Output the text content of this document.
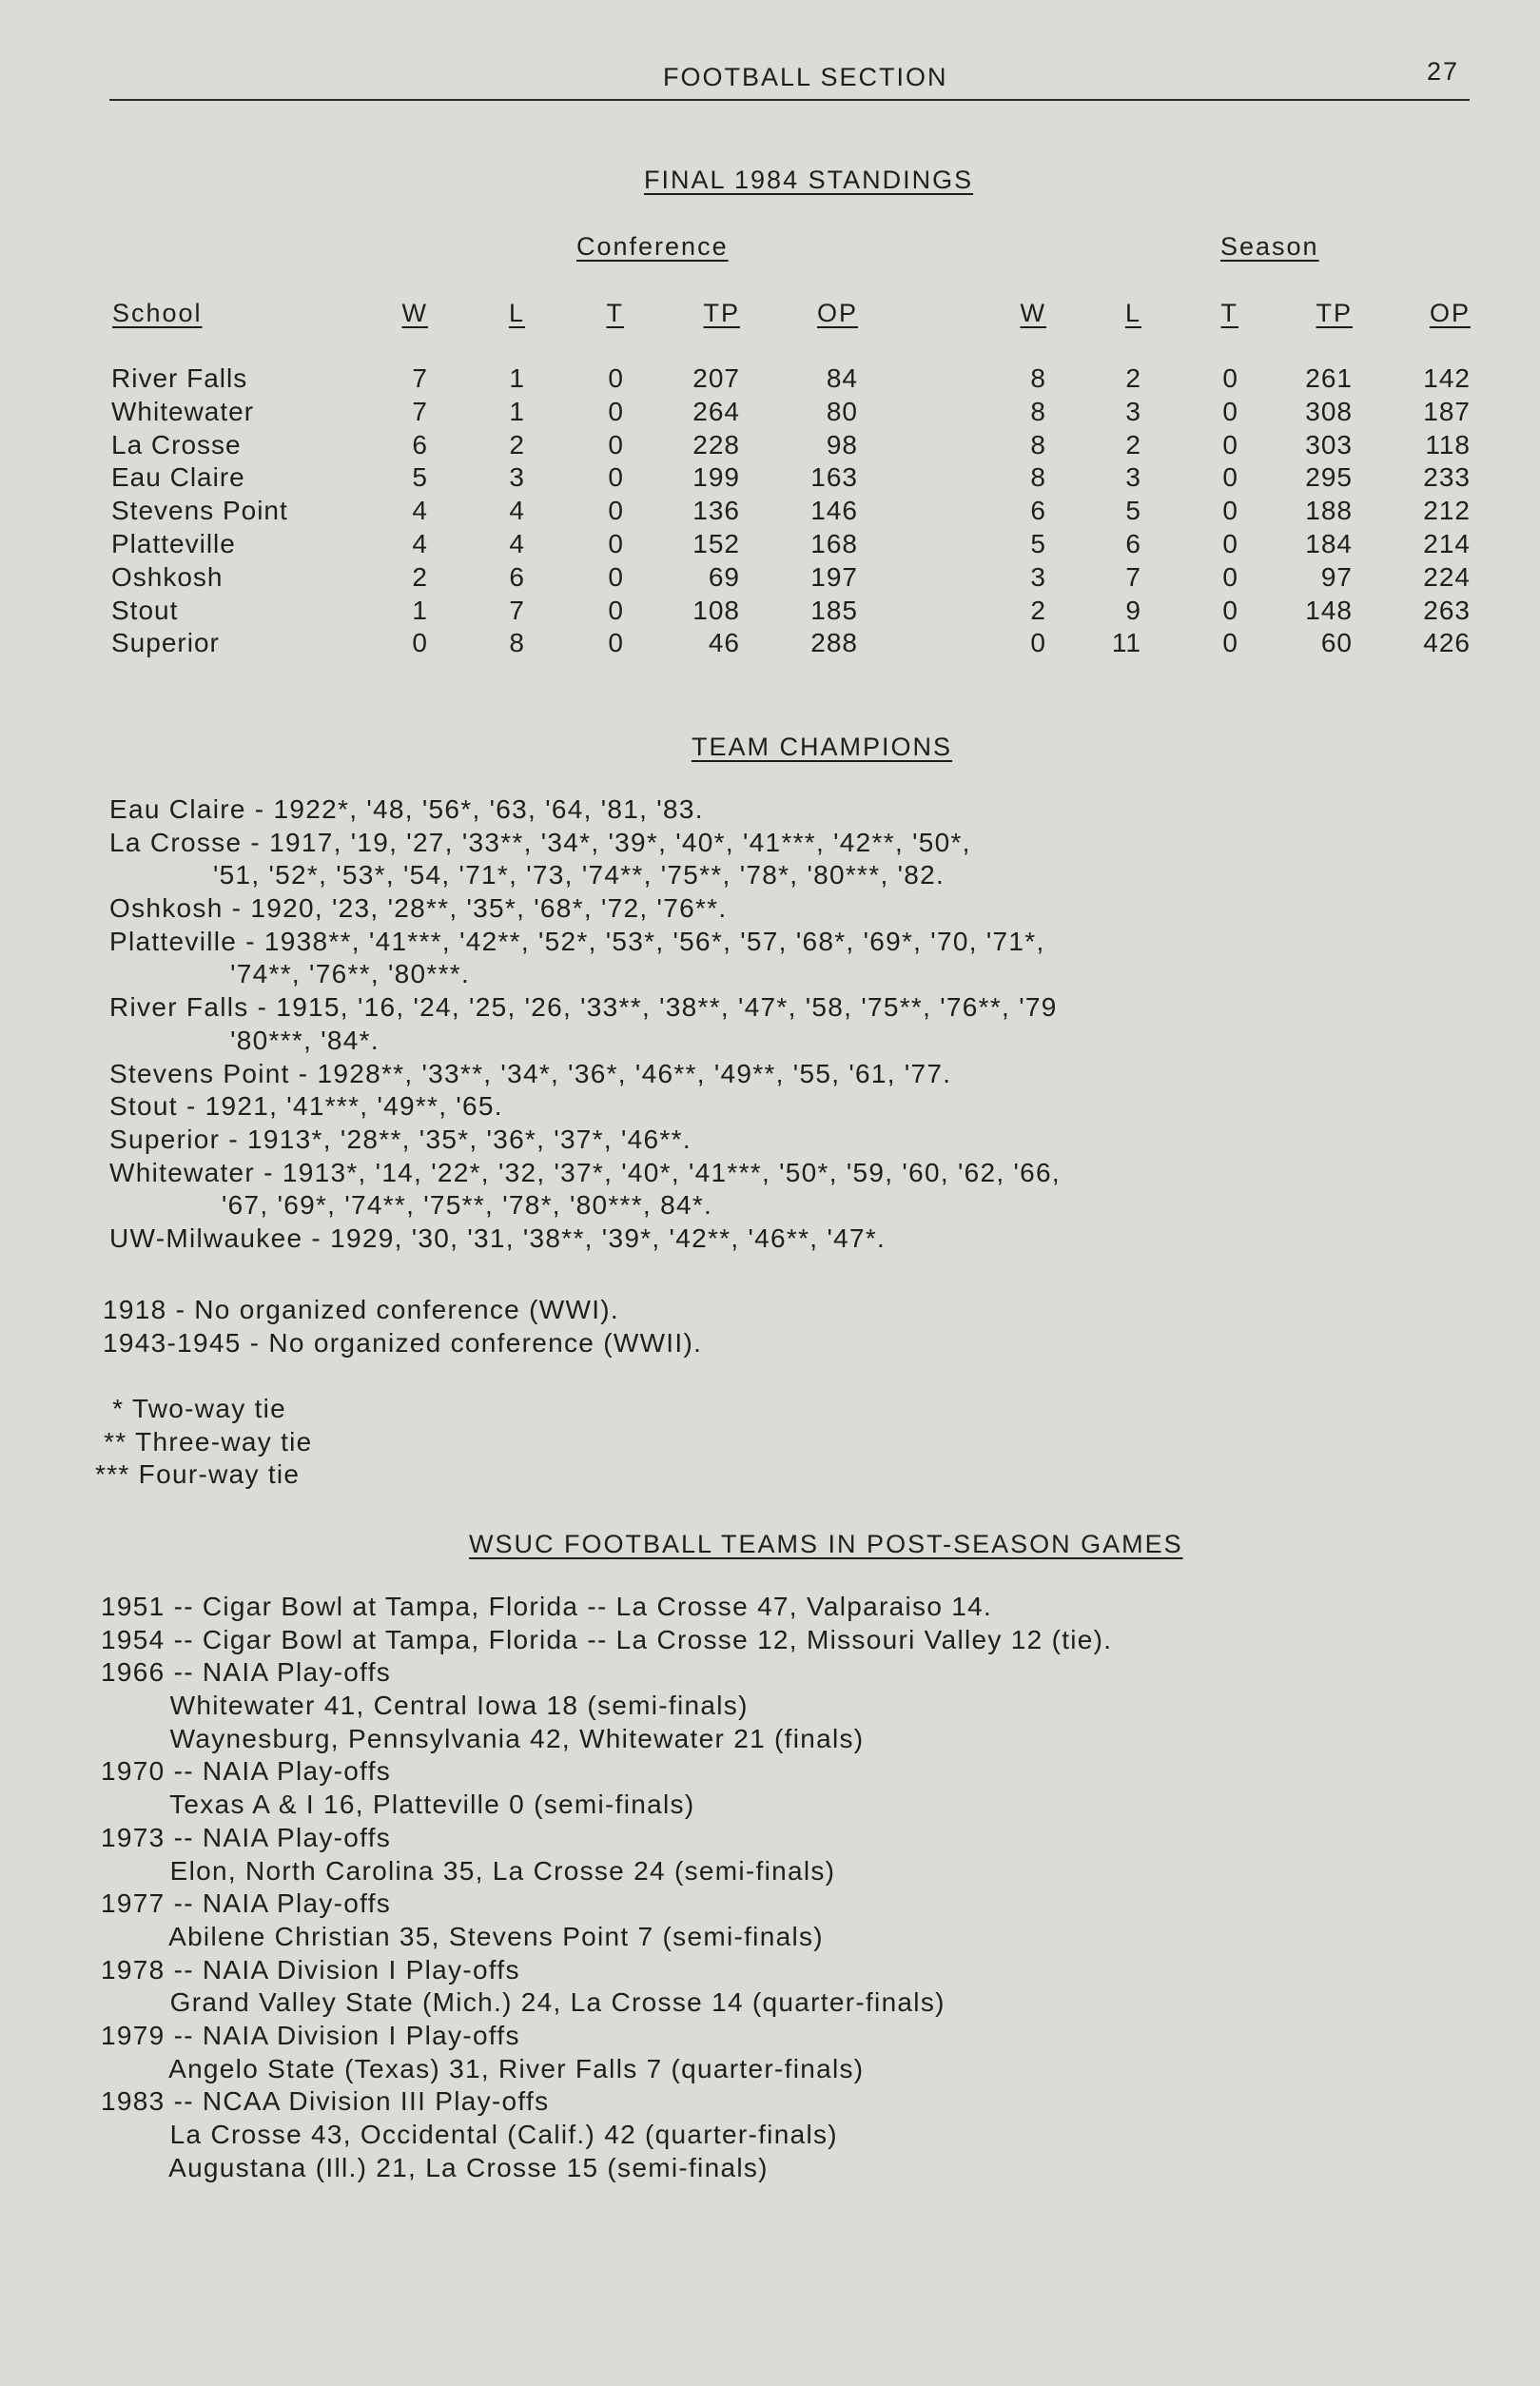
FOOTBALL SECTION	27
FINAL 1984 STANDINGS
Conference	Season
School	W	L	T	TP	OP	W	L	T	TP	OP
River Falls	7	1	0	207	84	8	2	0	261	142
Whitewater	7	1	0	264	80	8	3	0	308	187
La Crosse	6	2	0	228	98	8	2	0	303	118
Eau Claire	5	3	0	199	163	8	3	0	295	233
Stevens Point	4	4	0	136	146	6	5	0	188	212
Platteville	4	4	0	152	168	5	6	0	184	214
Oshkosh	2	6	0	69	197	3	7	0	97	224
Stout	1	7	0	108	185	2	9	0	148	263
Superior	0	8	0	46	288	0	11	0	60	426
TEAM CHAMPIONS
Eau Claire - 1922*, '48, '56*, '63, '64, '81, '83.
La Crosse - 1917, '19, '27, '33**, '34*, '39*, '40*, '41***, '42**, '50*,
'51, '52*, '53*, '54, '71*, '73, '74**, '75**, '78*, '80***, '82.
Oshkosh - 1920, '23, '28**, '35*, '68*, '72, '76**.
Platteville - 1938**, '41***, '42**, '52*, '53*, '56*, '57, '68*, '69*, '70, '71*,
'74**, '76**, '80***.
River Falls - 1915, '16, '24, '25, '26, '33**, '38**, '47*, '58, '75**, '76**, '79
'80***, '84*.
Stevens Point - 1928**, '33**, '34*, '36*, '46**, '49**, '55, '61, '77.
Stout - 1921, '41***, '49**, '65.
Superior - 1913*, '28**, '35*, '36*, '37*, '46**.
Whitewater - 1913*, '14, '22*, '32, '37*, '40*, '41***, '50*, '59, '60, '62, '66,
'67, '69*, '74**, '75**, '78*, '80***, 84*.
UW-Milwaukee - 1929, '30, '31, '38**, '39*, '42**, '46**, '47*.
1918 - No organized conference (WWI).
1943-1945 - No organized conference (WWII).
* Two-way tie
** Three-way tie
*** Four-way tie
WSUC FOOTBALL TEAMS IN POST-SEASON GAMES
1951 -- Cigar Bowl at Tampa, Florida -- La Crosse 47, Valparaiso 14.
1954 -- Cigar Bowl at Tampa, Florida -- La Crosse 12, Missouri Valley 12 (tie).
1966 -- NAIA Play-offs
Whitewater 41, Central Iowa 18 (semi-finals)
Waynesburg, Pennsylvania 42, Whitewater 21 (finals)
1970 -- NAIA Play-offs
Texas A & I 16, Platteville 0 (semi-finals)
1973 -- NAIA Play-offs
Elon, North Carolina 35, La Crosse 24 (semi-finals)
1977 -- NAIA Play-offs
Abilene Christian 35, Stevens Point 7 (semi-finals)
1978 -- NAIA Division I Play-offs
Grand Valley State (Mich.) 24, La Crosse 14 (quarter-finals)
1979 -- NAIA Division I Play-offs
Angelo State (Texas) 31, River Falls 7 (quarter-finals)
1983 -- NCAA Division III Play-offs
La Crosse 43, Occidental (Calif.) 42 (quarter-finals)
Augustana (Ill.) 21, La Crosse 15 (semi-finals)
